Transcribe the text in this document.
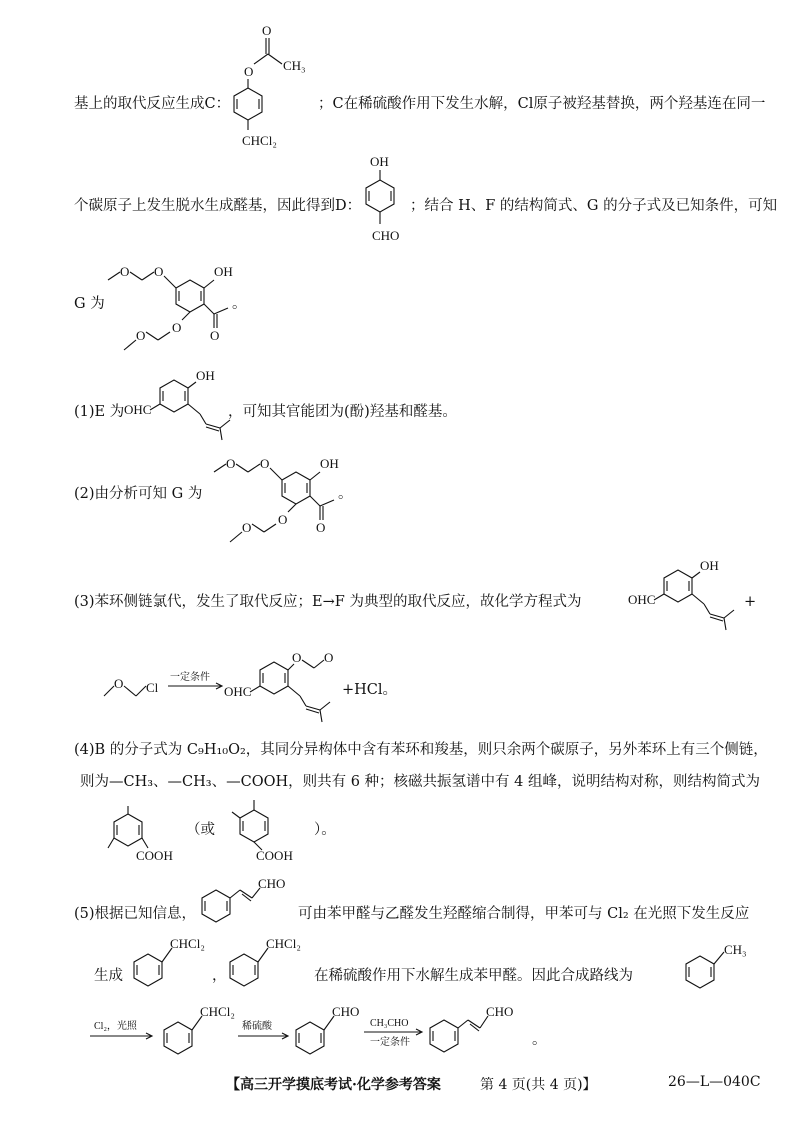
基上的取代反应生成C：
O
CH₃
O
CHCl₂
；C在稀硫酸作用下发生水解，Cl原子被羟基替换，两个羟基连在同一
个碳原子上发生脱水生成醛基，因此得到D：
OH
CHO
；结合 H、F 的结构简式、G 的分子式及已知条件，可知
G 为
O O	OH
O
O
O
。
(1)E 为
OH
OHC	，可知其官能团为(酚)羟基和醛基。
(2)由分析可知 G 为
O O	OH
O
O
O
。
(3)苯环侧链氯代，发生了取代反应；E→F 为典型的取代反应，故化学方程式为
OH
OHC	+
O Cl
一定条件
O O
OHC	+HCl。
(4)B 的分子式为 C₉H₁₀O₂，其同分异构体中含有苯环和羧基，则只余两个碳原子，另外苯环上有三个侧链，
则为—CH₃、—CH₃、—COOH，则共有 6 种；核磁共振氢谱中有 4 组峰，说明结构对称，则结构简式为
COOH
（或
COOH
）。
(5)根据已知信息，
CHO
可由苯甲醛与乙醛发生羟醛缩合制得，甲苯可与 Cl₂ 在光照下发生反应
生成
CHCl₂
，
CHCl₂
在稀硫酸作用下水解生成苯甲醛。因此合成路线为
CH₃
Cl₂，光照
CHCl₂
稀硫酸
CHO
CH₃CHO
一定条件
CHO
。
【高三开学摸底考试·化学参考答案	第 4 页(共 4 页)】	26—L—040C
